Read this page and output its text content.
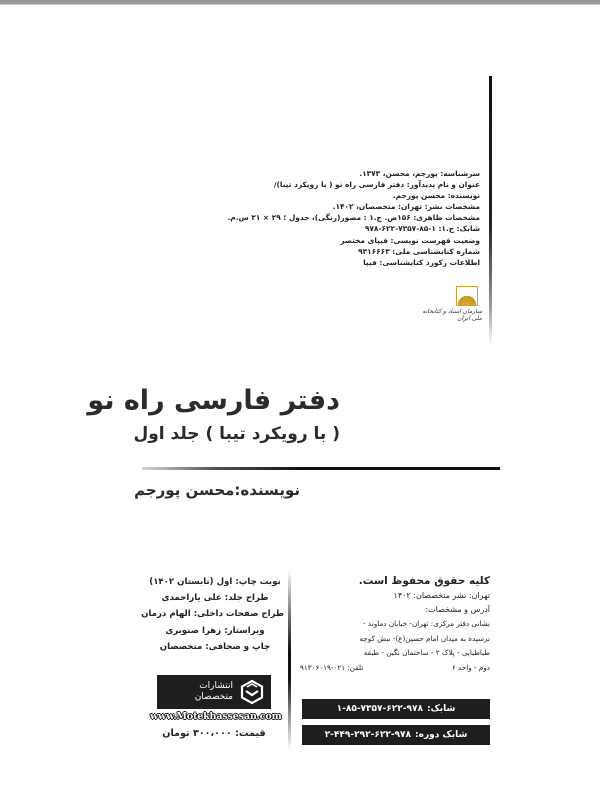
سرشناسه: پورجم، محسن، ۱۳۷۳.
عنوان و نام پدیدآور: دفتر فارسی راه نو ( با رویکرد تیبا)/ نویسنده: محسن پورجم.
مشخصات نشر: تهران: متخصصان، ۱۴۰۲.
مشخصات ظاهری: ۱۵۶ص. ج.۱ : مصور(رنگی)، جدول ؛ ۲۹ × ۲۱ س.م.
شابک: ج.۱: ۱-۸۵-۷۳۵۷-۶۲۲-۹۷۸
وضعیت فهرست نویسی: فیپای مختصر
شماره کتابشناسی ملی: ۹۳۱۶۶۶۳
اطلاعات رکورد کتابشناسی: فیپا
سازمان اسناد و کتابخانه ملی ایران
دفتر فارسی راه نو
( با رویکرد تیبا ) جلد اول
نویسنده:محسن پورجم
کلیه حقوق محفوظ است.
تهران: نشر متخصصان: ۱۴۰۲
آدرس و مشخصات:
نشانی دفتر مرکزی: تهران- خیابان دماوند -
نرسیده به میدان امام حسین(ع)- نبش کوچه
طباطبایی - پلاک ۲ - ساختمان نگین - طبقه
دوم - واحد ۶
تلفن: ۰۲۱-۹۱۳۰۶۰۱۹
شابک:
۱-۸۵-۷۳۵۷-۶۲۲-۹۷۸
شابک دوره:
۲-۴۴۹-۲۹۲-۶۲۲-۹۷۸
نوبت چاپ: اول (تابستان ۱۴۰۲)
طراح جلد: علی یاراحمدی
طراح صفحات داخلی: الهام درمان
ویراستار: زهرا صنوبری
چاپ و صحافی: متخصصان
انتشارات
متخصصان
www.Motekhassesan.com
قیمت: ۳۰۰،۰۰۰ تومان
